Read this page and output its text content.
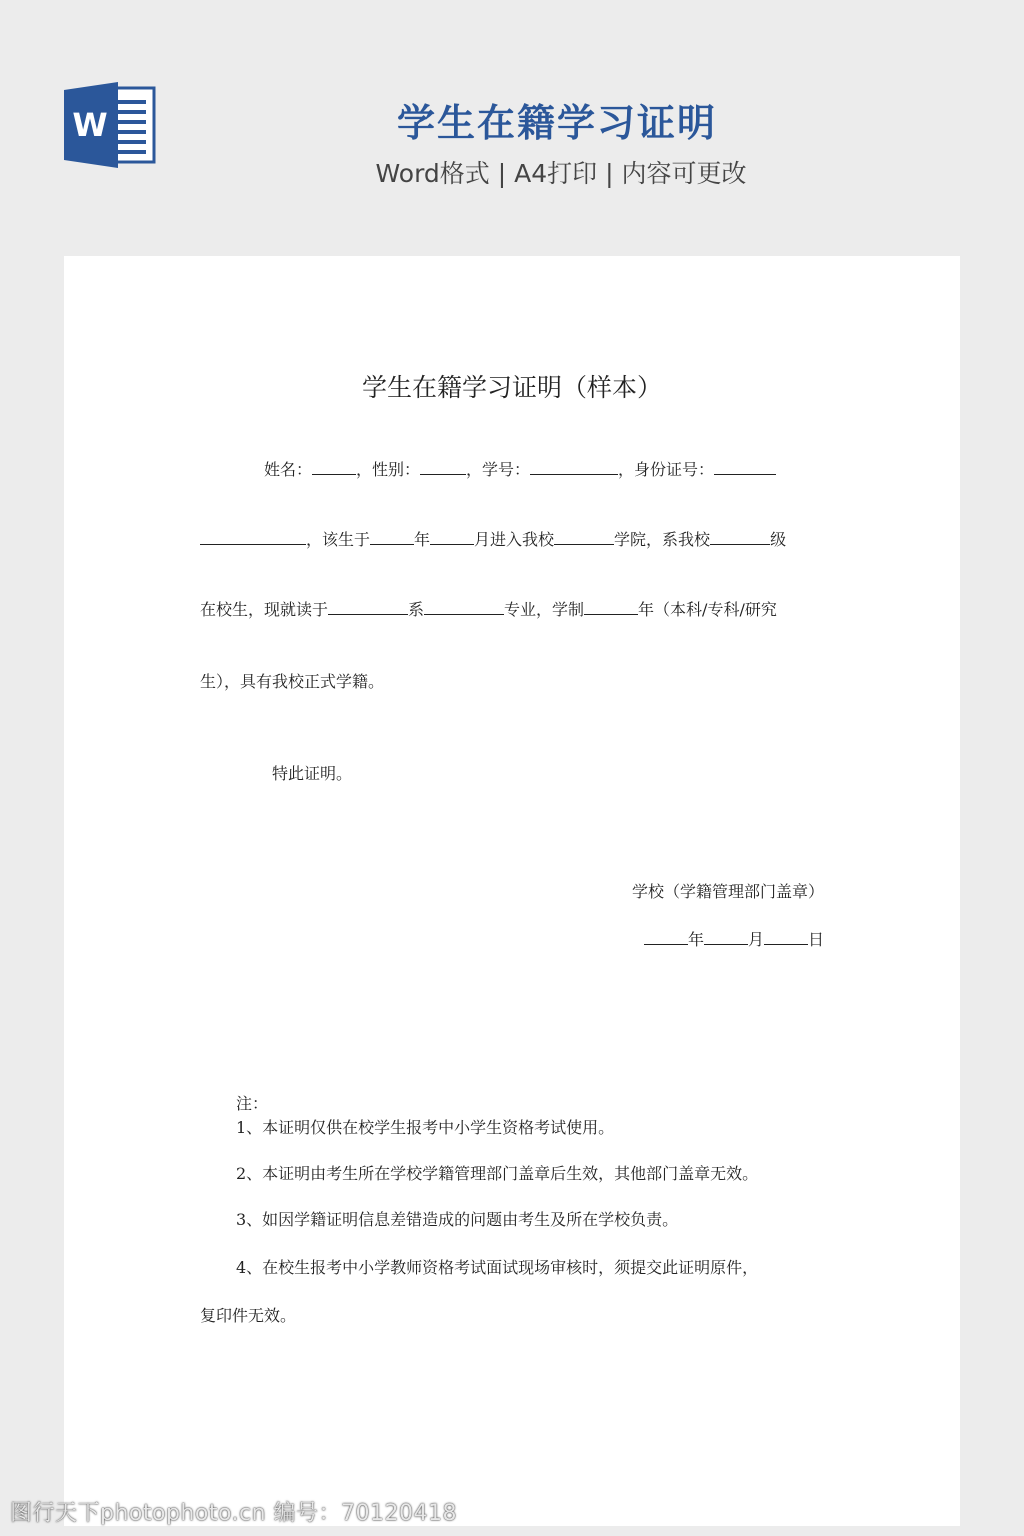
W	学生在籍学习证明
Word格式 | A4打印 | 内容可更改
学生在籍学习证明（样本）
姓名：	，性别：	，学号：	，身份证号：
，该生于	年	月进入我校	学院，系我校	级
在校生，现就读于	系	专业，学制	年（本科/专科/研究
生），具有我校正式学籍。
特此证明。
学校（学籍管理部门盖章）
年	月	日
注：
1、本证明仅供在校学生报考中小学生资格考试使用。
2、本证明由考生所在学校学籍管理部门盖章后生效，其他部门盖章无效。
3、如因学籍证明信息差错造成的问题由考生及所在学校负责。
4、在校生报考中小学教师资格考试面试现场审核时，须提交此证明原件，
复印件无效。
图行天下photophoto.cn 编号：70120418
